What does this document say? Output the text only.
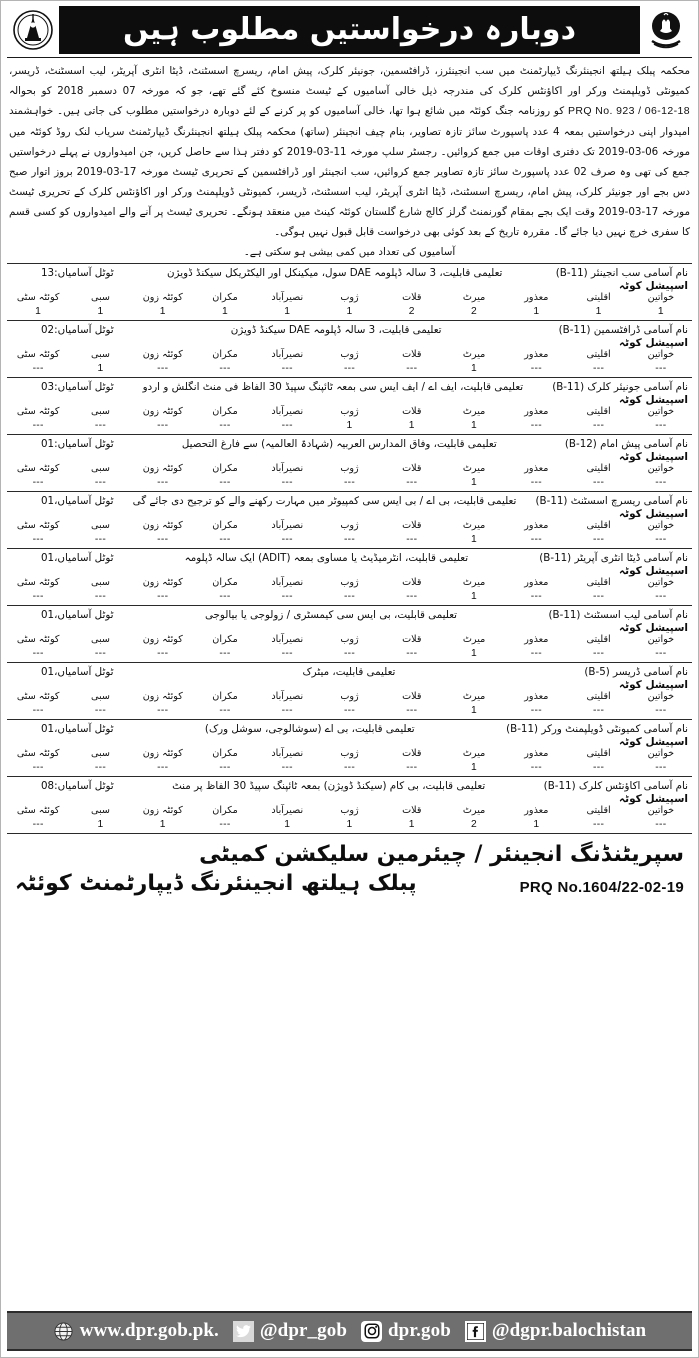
دوبارہ درخواستیں مطلوب ہیں
محکمہ پبلک ہیلتھ انجینئرنگ ڈیپارٹمنٹ میں سب انجینئرز، ڈرافٹسمین، جونیئر کلرک، پیش امام، ریسرچ اسسٹنٹ، ڈیٹا انٹری آپریٹر، لیب اسسٹنٹ، ڈریسر، کمیونٹی ڈویلپمنٹ ورکر اور اکاؤنٹس کلرک کی مندرجہ ذیل خالی آسامیوں کے ٹیسٹ منسوخ کئے گئے تھے، جو کہ مورخہ 07 دسمبر 2018 کو بحوالہ PRQ No. 923 / 06-12-18 کو روزنامہ جنگ کوئٹہ میں شائع ہوا تھا، خالی آسامیوں کو پر کرنے کے لئے دوبارہ درخواستیں مطلوب کی جاتی ہیں۔ خواہشمند امیدوار اپنی درخواستیں بمعہ 4 عدد پاسپورٹ سائز تازہ تصاویر، بنام چیف انجینئر (ساتھ) محکمہ پبلک ہیلتھ انجینئرنگ ڈیپارٹمنٹ سریاب لنک روڈ کوئٹہ میں مورخہ 06-03-2019 تک دفتری اوقات میں جمع کروائیں۔ رجسٹر سلپ مورخہ 11-03-2019 کو دفتر ہذا سے حاصل کریں، جن امیدواروں نے پہلے درخواستیں جمع کی تھی وہ صرف 02 عدد پاسپورٹ سائز تازہ تصاویر جمع کروائیں، سب انجینئر اور ڈرافٹسمین کے تحریری ٹیسٹ مورخہ 17-03-2019 بروز اتوار صبح دس بجے اور جونیئر کلرک، پیش امام، ریسرچ اسسٹنٹ، ڈیٹا انٹری آپریٹر، لیب اسسٹنٹ، ڈریسر، کمیونٹی ڈویلپمنٹ ورکر اور اکاؤنٹس کلرک کے تحریری ٹیسٹ مورخہ 17-03-2019 وقت ایک بجے بمقام گورنمنٹ گرلز کالج شارع گلستان کوئٹہ کینٹ میں منعقد ہونگے۔ تحریری ٹیسٹ پر آنے والے امیدواروں کو کسی قسم کا سفری خرچ نہیں دیا جائے گا۔ مقررہ تاریخ کے بعد کوئی بھی درخواست قابل قبول نہیں ہوگی۔
آسامیوں کی تعداد میں کمی بیشی ہو سکتی ہے۔
نام آسامی سب انجینئر (11-B)
تعلیمی قابلیت، 3 سالہ ڈپلومہ DAE سول، میکینکل اور الیکٹریکل سیکنڈ ڈویژن
ٹوٹل آسامیاں:13
اسپیشل کوٹہ
خواتین	اقلیتی	معذور	میرٹ	قلات	ژوب	نصیرآباد	مکران	کوئٹہ زون	سبی	کوئٹہ سٹی
1	1	1	2	2	1	1	1	1	1	1
نام آسامی ڈرافٹسمین (11-B)
تعلیمی قابلیت، 3 سالہ ڈپلومہ DAE سیکنڈ ڈویژن
ٹوٹل آسامیاں:02
اسپیشل کوٹہ
خواتین	اقلیتی	معذور	میرٹ	قلات	ژوب	نصیرآباد	مکران	کوئٹہ زون	سبی	کوئٹہ سٹی
---	---	---	1	---	---	---	---	---	1	---
نام آسامی جونیئر کلرک (11-B)
تعلیمی قابلیت، ایف اے / ایف ایس سی بمعہ ٹائپنگ سپیڈ 30 الفاظ فی منٹ انگلش و اردو
ٹوٹل آسامیاں:03
اسپیشل کوٹہ
خواتین	اقلیتی	معذور	میرٹ	قلات	ژوب	نصیرآباد	مکران	کوئٹہ زون	سبی	کوئٹہ سٹی
---	---	---	1	1	1	---	---	---	---	---
نام آسامی پیش امام (12-B)
تعلیمی قابلیت، وفاق المدارس العربیہ (شہادۃ العالمیہ) سے فارغ التحصیل
ٹوٹل آسامیاں:01
اسپیشل کوٹہ
خواتین	اقلیتی	معذور	میرٹ	قلات	ژوب	نصیرآباد	مکران	کوئٹہ زون	سبی	کوئٹہ سٹی
---	---	---	1	---	---	---	---	---	---	---
نام آسامی ریسرچ اسسٹنٹ (11-B)
تعلیمی قابلیت، بی اے / بی ایس سی کمپیوٹر میں مہارت رکھنے والے کو ترجیح دی جائے گی
ٹوٹل آسامیاں،01
اسپیشل کوٹہ
خواتین	اقلیتی	معذور	میرٹ	قلات	ژوب	نصیرآباد	مکران	کوئٹہ زون	سبی	کوئٹہ سٹی
---	---	---	1	---	---	---	---	---	---	---
نام آسامی ڈیٹا انٹری آپریٹر (11-B)
تعلیمی قابلیت، انٹرمیڈیٹ یا مساوی بمعہ (ADIT) ایک سالہ ڈپلومہ
ٹوٹل آسامیاں،01
اسپیشل کوٹہ
خواتین	اقلیتی	معذور	میرٹ	قلات	ژوب	نصیرآباد	مکران	کوئٹہ زون	سبی	کوئٹہ سٹی
---	---	---	1	---	---	---	---	---	---	---
نام آسامی لیب اسسٹنٹ (11-B)
تعلیمی قابلیت، بی ایس سی کیمسٹری / زولوجی یا بیالوجی
ٹوٹل آسامیاں،01
اسپیشل کوٹہ
خواتین	اقلیتی	معذور	میرٹ	قلات	ژوب	نصیرآباد	مکران	کوئٹہ زون	سبی	کوئٹہ سٹی
---	---	---	1	---	---	---	---	---	---	---
نام آسامی ڈریسر (5-B)
تعلیمی قابلیت، میٹرک
ٹوٹل آسامیاں،01
اسپیشل کوٹہ
خواتین	اقلیتی	معذور	میرٹ	قلات	ژوب	نصیرآباد	مکران	کوئٹہ زون	سبی	کوئٹہ سٹی
---	---	---	1	---	---	---	---	---	---	---
نام آسامی کمیونٹی ڈویلپمنٹ ورکر (11-B)
تعلیمی قابلیت، بی اے (سوشالوجی، سوشل ورک)
ٹوٹل آسامیاں،01
اسپیشل کوٹہ
خواتین	اقلیتی	معذور	میرٹ	قلات	ژوب	نصیرآباد	مکران	کوئٹہ زون	سبی	کوئٹہ سٹی
---	---	---	1	---	---	---	---	---	---	---
نام آسامی اکاؤنٹس کلرک (11-B)
تعلیمی قابلیت، بی کام (سیکنڈ ڈویژن) بمعہ ٹائپنگ سپیڈ 30 الفاظ پر منٹ
ٹوٹل آسامیاں:08
اسپیشل کوٹہ
خواتین	اقلیتی	معذور	میرٹ	قلات	ژوب	نصیرآباد	مکران	کوئٹہ زون	سبی	کوئٹہ سٹی
---	---	1	2	1	1	1	---	1	1	---
سپریٹنڈنگ انجینئر / چیئرمین سلیکشن کمیٹی
پبلک ہیلتھ انجینئرنگ ڈیپارٹمنٹ کوئٹہ	PRQ No.1604/22-02-19
www.dpr.gob.pk. @dpr_gob dpr.gob @dgpr.balochistan
